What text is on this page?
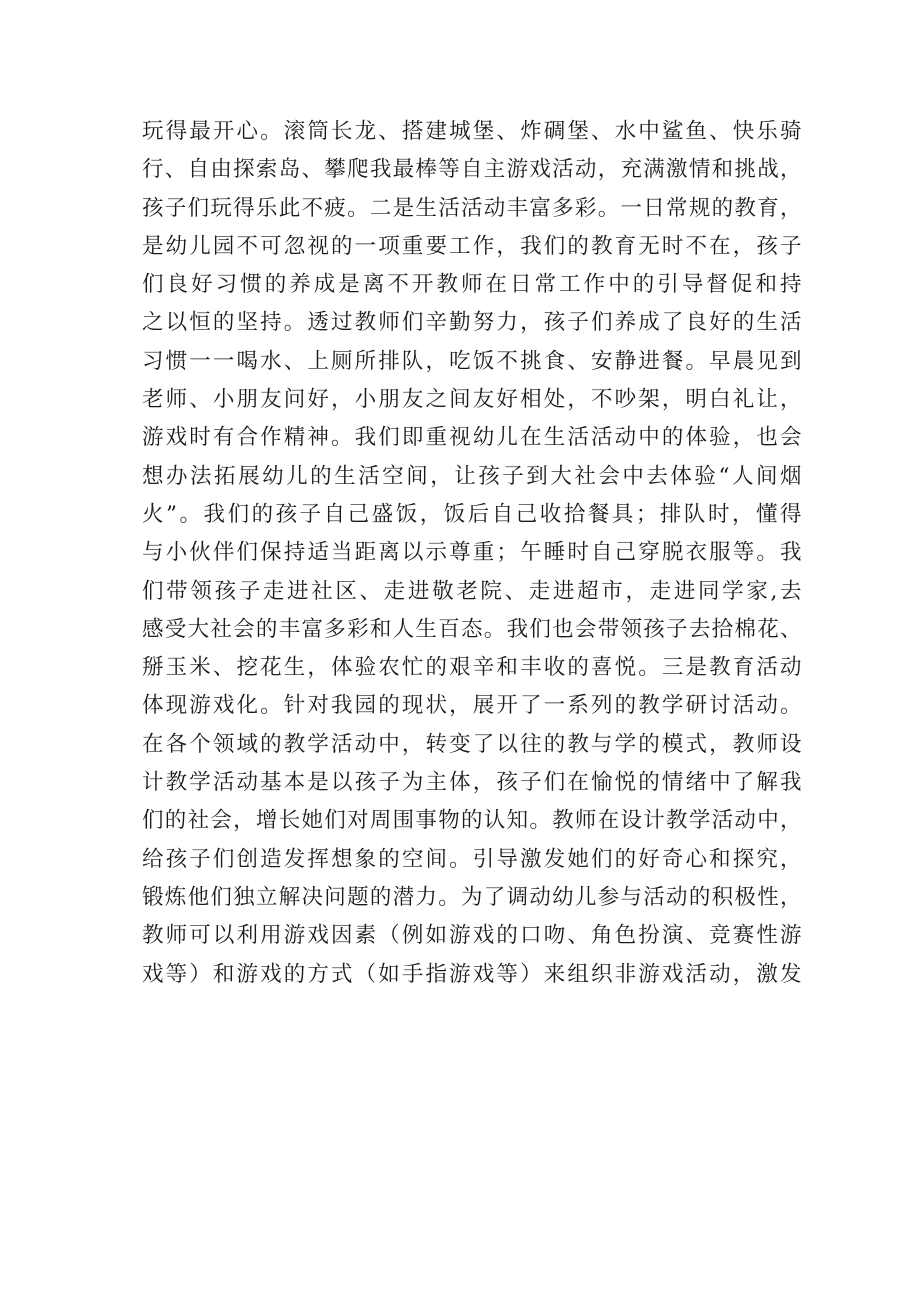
玩得最开心。滚筒长龙、搭建城堡、炸碉堡、水中鲨鱼、快乐骑
行、自由探索岛、攀爬我最棒等自主游戏活动，充满激情和挑战，
孩子们玩得乐此不疲。二是生活活动丰富多彩。一日常规的教育，
是幼儿园不可忽视的一项重要工作，我们的教育无时不在，孩子
们良好习惯的养成是离不开教师在日常工作中的引导督促和持
之以恒的坚持。透过教师们辛勤努力，孩子们养成了良好的生活
习惯一一喝水、上厕所排队，吃饭不挑食、安静进餐。早晨见到
老师、小朋友问好，小朋友之间友好相处，不吵架，明白礼让，
游戏时有合作精神。我们即重视幼儿在生活活动中的体验，也会
想办法拓展幼儿的生活空间，让孩子到大社会中去体验“人间烟
火”。我们的孩子自己盛饭，饭后自己收拾餐具；排队时，懂得
与小伙伴们保持适当距离以示尊重；午睡时自己穿脱衣服等。我
们带领孩子走进社区、走进敬老院、走进超市，走进同学家,去
感受大社会的丰富多彩和人生百态。我们也会带领孩子去拾棉花、
掰玉米、挖花生，体验农忙的艰辛和丰收的喜悦。三是教育活动
体现游戏化。针对我园的现状，展开了一系列的教学研讨活动。
在各个领域的教学活动中，转变了以往的教与学的模式，教师设
计教学活动基本是以孩子为主体，孩子们在愉悦的情绪中了解我
们的社会，增长她们对周围事物的认知。教师在设计教学活动中，
给孩子们创造发挥想象的空间。引导激发她们的好奇心和探究，
锻炼他们独立解决问题的潜力。为了调动幼儿参与活动的积极性，
教师可以利用游戏因素（例如游戏的口吻、角色扮演、竞赛性游
戏等）和游戏的方式（如手指游戏等）来组织非游戏活动，激发
